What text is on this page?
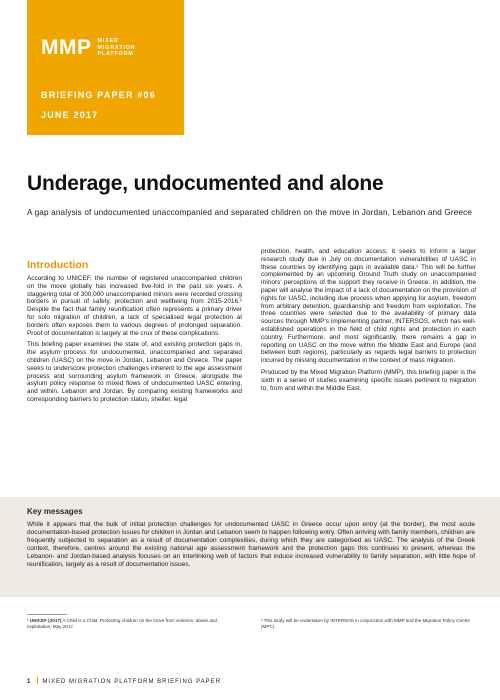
MMP MIXED
MIGRATION
PLATFORM
BRIEFING PAPER #06
JUNE 2017
Underage, undocumented and alone
A gap analysis of undocumented unaccompanied and separated children on the move in Jordan, Lebanon and Greece
Introduction

According to UNICEF, the number of registered unaccompanied children on the move globally has increased five-fold in the past six years. A staggering total of 300,000 unaccompanied minors were recorded crossing borders in pursuit of safety, protection and wellbeing from 2015-2016.¹ Despite the fact that family reunification often represents a primary driver for solo migration of children, a lack of specialised legal protection at borders often exposes them to various degrees of prolonged separation. Proof of documentation is largely at the crux of these complications.

This briefing paper examines the state of, and existing protection gaps in, the asylum process for undocumented, unaccompanied and separated children (UASC) on the move in Jordan, Lebanon and Greece. The paper seeks to underscore protection challenges inherent to the age assessment process and surrounding asylum framework in Greece, alongside the asylum policy response to mixed flows of undocumented UASC entering, and within, Lebanon and Jordan. By comparing existing frameworks and corresponding barriers to protection status, shelter, legal

protection, health, and education access, it seeks to inform a larger research study due in July on documentation vulnerabilities of UASC in these countries by identifying gaps in available data.² This will be further complemented by an upcoming Ground Truth study on unaccompanied minors' perceptions of the support they receive in Greece. In addition, the paper will analyse the impact of a lack of documentation on the provision of rights for UASC, including due process when applying for asylum, freedom from arbitrary detention, guardianship and freedom from exploitation. The three countries were selected due to the availability of primary data sources through MMP's implementing partner, INTERSOS, which has well-established operations in the field of child rights and protection in each country. Furthermore, and most significantly, there remains a gap in reporting on UASC on the move within the Middle East and Europe (and between both regions), particularly as regards legal barriers to protection incurred by missing documentation in the context of mass migration.

Produced by the Mixed Migration Platform (MMP), this briefing paper is the sixth in a series of studies examining specific issues pertinent to migration to, from and within the Middle East.

Key messages
While it appears that the bulk of initial protection challenges for undocumented UASC in Greece occur upon entry (at the border), the most acute documentation-based protection issues for children in Jordan and Lebanon seem to happen following entry. Often arriving with family members, children are frequently subjected to separation as a result of documentation complexities, during which they are categorised as UASC. The analysis of the Greek context, therefore, centres around the existing national age assessment framework and the protection gaps this continues to present, whereas the Lebanon- and Jordan-based analysis focuses on an interlinking web of factors that induce increased vulnerability to family separation, with little hope of reunification, largely as a result of documentation issues.
¹ UNICEF (2017) A Child is a Child: Protecting children on the move from violence, abuse and exploitation, May 2017.
² This study will be undertaken by INTERSOS in conjunction with MMP and the Migration Policy Centre (MPC).
1 MIXED MIGRATION PLATFORM BRIEFING PAPER
